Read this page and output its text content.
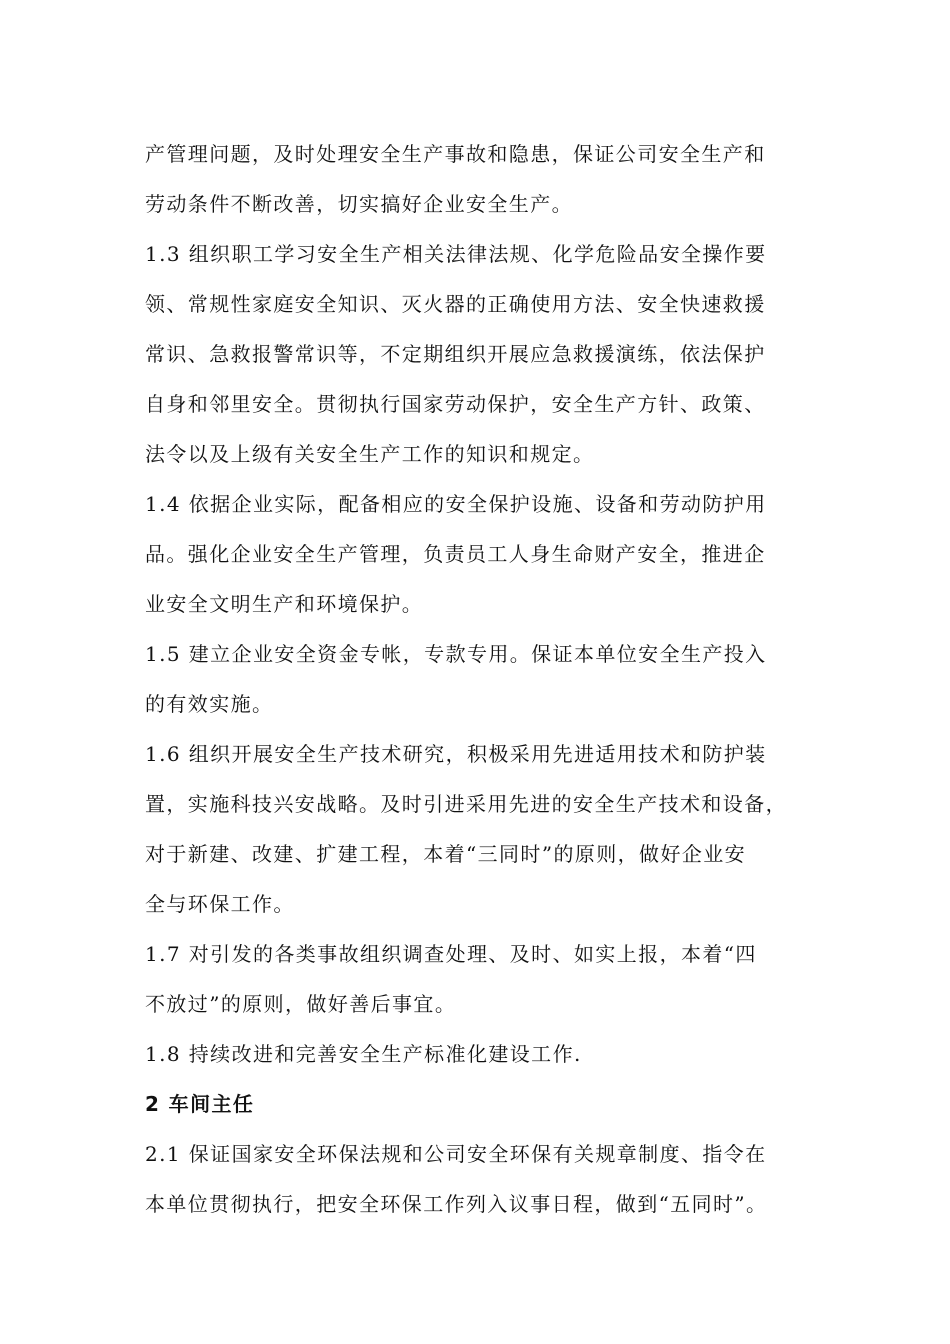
产管理问题，及时处理安全生产事故和隐患，保证公司安全生产和
劳动条件不断改善，切实搞好企业安全生产。
1.3 组织职工学习安全生产相关法律法规、化学危险品安全操作要
领、常规性家庭安全知识、灭火器的正确使用方法、安全快速救援
常识、急救报警常识等，不定期组织开展应急救援演练，依法保护
自身和邻里安全。贯彻执行国家劳动保护，安全生产方针、政策、
法令以及上级有关安全生产工作的知识和规定。
1.4 依据企业实际，配备相应的安全保护设施、设备和劳动防护用
品。强化企业安全生产管理，负责员工人身生命财产安全，推进企
业安全文明生产和环境保护。
1.5 建立企业安全资金专帐，专款专用。保证本单位安全生产投入
的有效实施。
1.6 组织开展安全生产技术研究，积极采用先进适用技术和防护装
置，实施科技兴安战略。及时引进采用先进的安全生产技术和设备，
对于新建、改建、扩建工程，本着“三同时”的原则，做好企业安
全与环保工作。
1.7 对引发的各类事故组织调查处理、及时、如实上报，本着“四
不放过”的原则，做好善后事宜。
1.8 持续改进和完善安全生产标准化建设工作.
2 车间主任
2.1 保证国家安全环保法规和公司安全环保有关规章制度、指令在
本单位贯彻执行，把安全环保工作列入议事日程，做到“五同时”。
